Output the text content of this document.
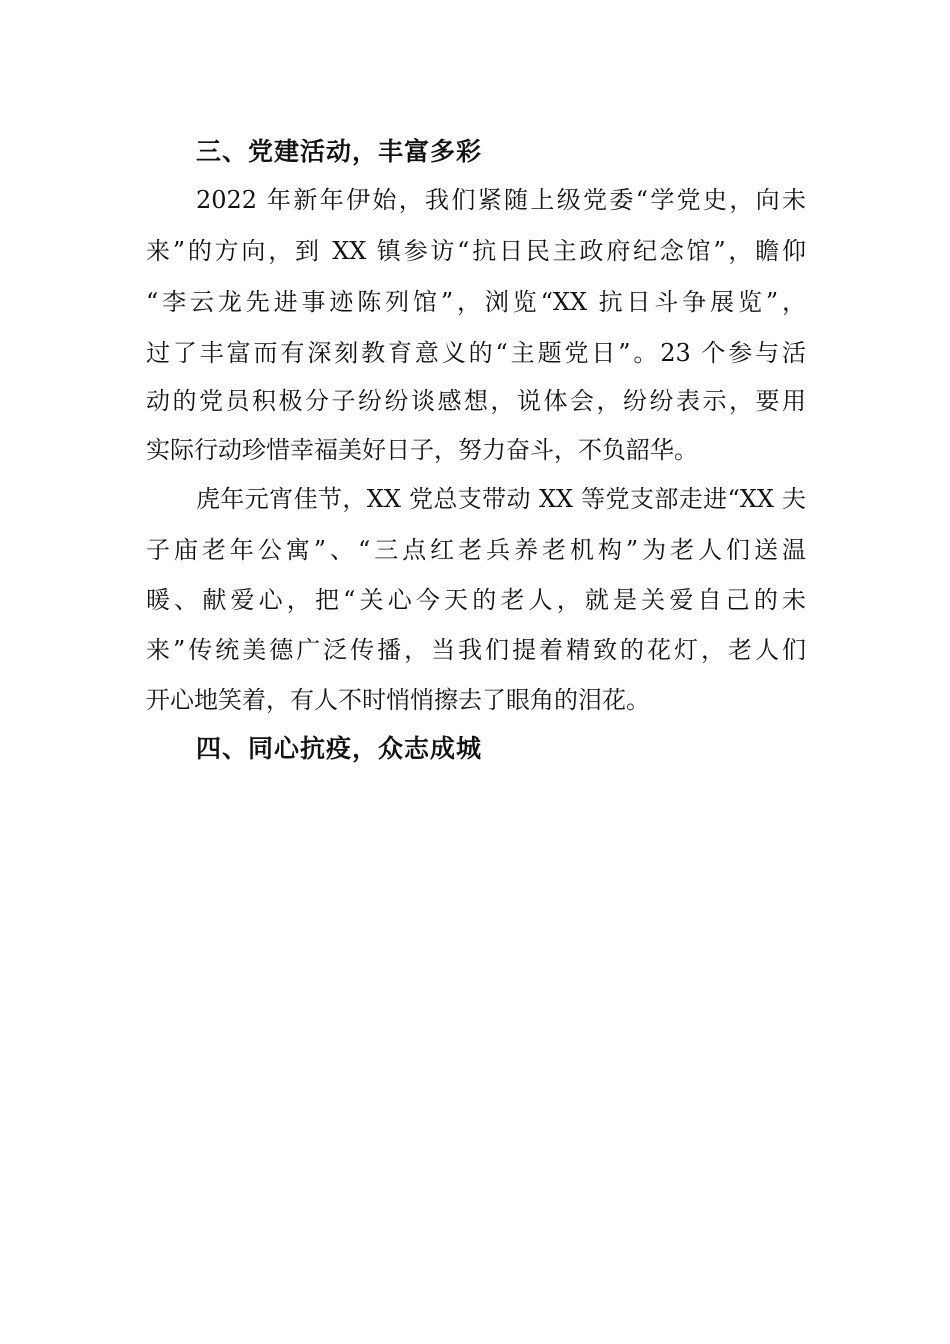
三、党建活动，丰富多彩
2022 年新年伊始，我们紧随上级党委“学党史，向未
来”的方向，到 XX 镇参访“抗日民主政府纪念馆”，瞻仰
“李云龙先进事迹陈列馆”，浏览“XX 抗日斗争展览”，
过了丰富而有深刻教育意义的“主题党日”。23 个参与活
动的党员积极分子纷纷谈感想，说体会，纷纷表示，要用
实际行动珍惜幸福美好日子，努力奋斗，不负韶华。
虎年元宵佳节，XX 党总支带动 XX 等党支部走进“XX 夫
子庙老年公寓”、“三点红老兵养老机构”为老人们送温
暖、献爱心，把“关心今天的老人，就是关爱自己的未
来”传统美德广泛传播，当我们提着精致的花灯，老人们
开心地笑着，有人不时悄悄擦去了眼角的泪花。
四、同心抗疫，众志成城
